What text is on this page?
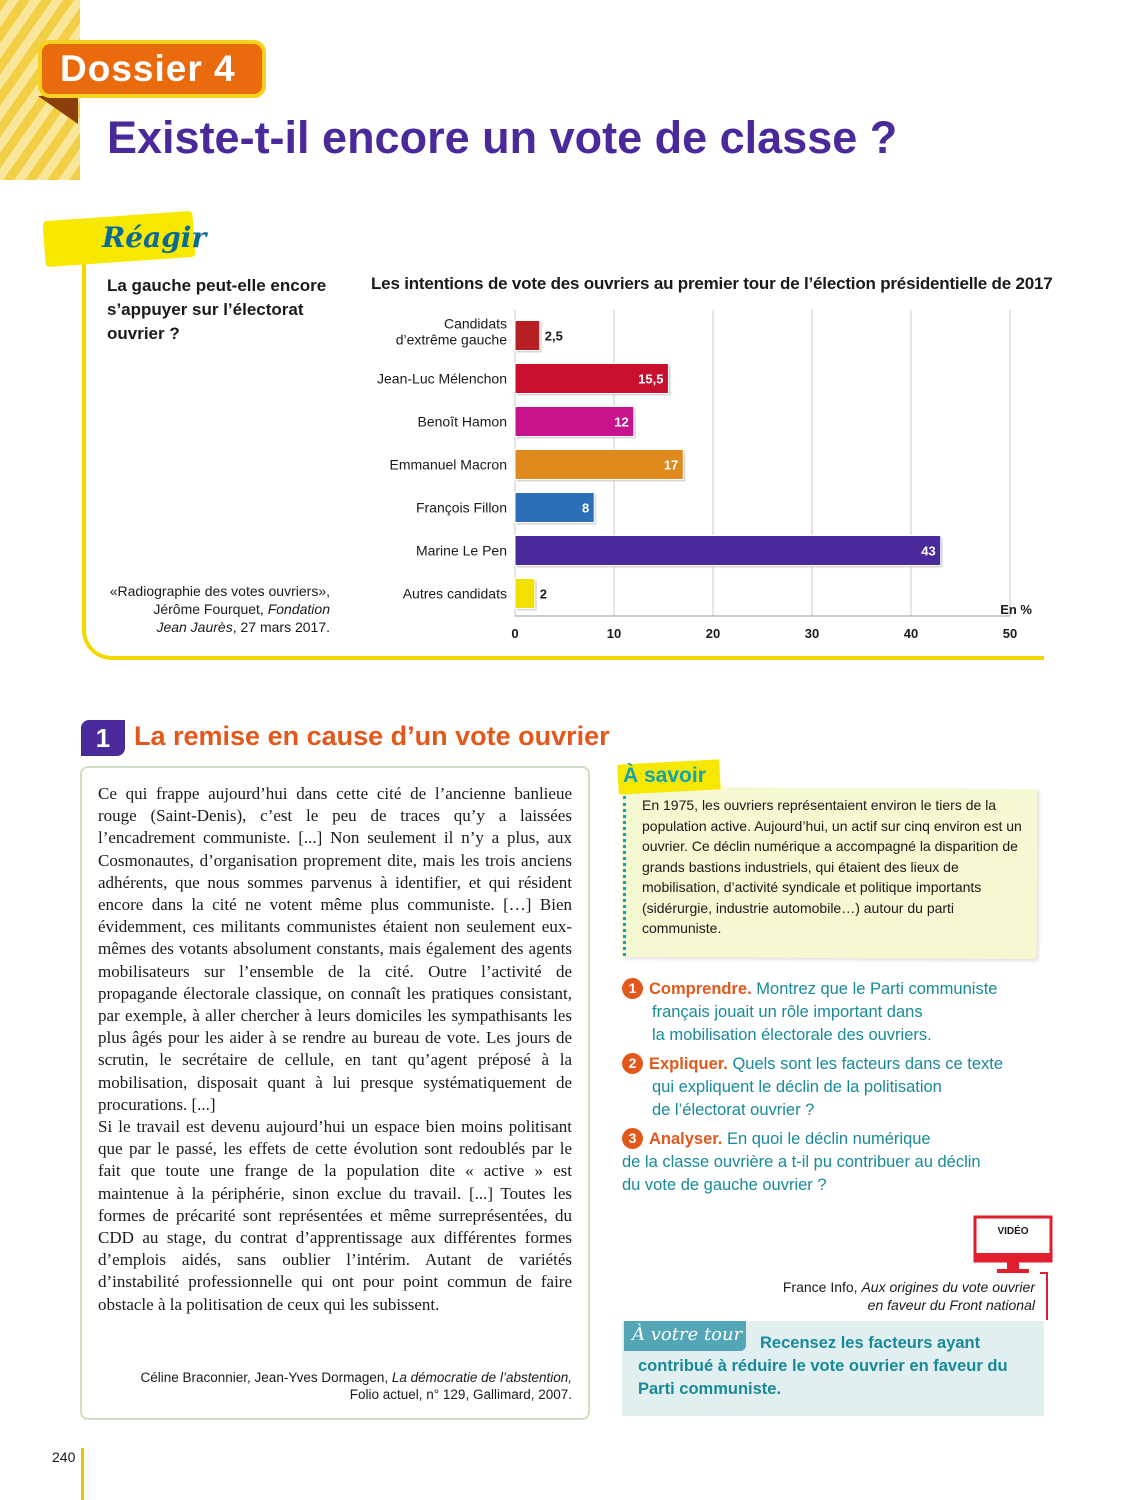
Dossier 4
Existe-t-il encore un vote de classe ?
Réagir
La gauche peut-elle encore s’appuyer sur l’électorat ouvrier ?
«Radiographie des votes ouvriers»,
Jérôme Fourquet, Fondation
Jean Jaurès, 27 mars 2017.
Les intentions de vote des ouvriers au premier tour de l’élection présidentielle de 2017
0	10	20	30	40	50
En %
Candidats
d’extrême gauche	2,5
Jean-Luc Mélenchon	15,5
Benoît Hamon	12
Emmanuel Macron	17
François Fillon	8
Marine Le Pen	43
Autres candidats	2
1 La remise en cause d’un vote ouvrier

Ce qui frappe aujourd’hui dans cette cité de l’ancienne banlieue rouge (Saint-Denis), c’est le peu de traces qu’y a laissées l’encadrement communiste. [...] Non seulement il n’y a plus, aux Cosmonautes, d’organisation proprement dite, mais les trois anciens adhérents, que nous sommes parvenus à identifier, et qui résident encore dans la cité ne votent même plus communiste. […] Bien évidemment, ces militants communistes étaient non seulement eux-mêmes des votants absolument constants, mais également des agents mobilisateurs sur l’ensemble de la cité. Outre l’activité de propagande électorale classique, on connaît les pratiques consistant, par exemple, à aller chercher à leurs domiciles les sympathisants les plus âgés pour les aider à se rendre au bureau de vote. Les jours de scrutin, le secrétaire de cellule, en tant qu’agent préposé à la mobilisation, disposait quant à lui presque systématiquement de procurations. [...]

Si le travail est devenu aujourd’hui un espace bien moins politisant que par le passé, les effets de cette évolution sont redoublés par le fait que toute une frange de la population dite « active » est maintenue à la périphérie, sinon exclue du travail. [...] Toutes les formes de précarité sont représentées et même surreprésentées, du CDD au stage, du contrat d’apprentissage aux différentes formes d’emplois aidés, sans oublier l’intérim. Autant de variétés d’instabilité professionnelle qui ont pour point commun de faire obstacle à la politisation de ceux qui les subissent.

Céline Braconnier, Jean-Yves Dormagen, La démocratie de l’abstention,
Folio actuel, n° 129, Gallimard, 2007.
À savoir
En 1975, les ouvriers représentaient environ le tiers de la population active. Aujourd’hui, un actif sur cinq environ est un ouvrier. Ce déclin numérique a accompagné la disparition de grands bastions industriels, qui étaient des lieux de mobilisation, d’activité syndicale et politique importants (sidérurgie, industrie automobile…) autour du parti communiste.
1 Comprendre. Montrez que le Parti communiste
français jouait un rôle important dans
la mobilisation électorale des ouvriers.
2 Expliquer. Quels sont les facteurs dans ce texte
qui expliquent le déclin de la politisation
de l’électorat ouvrier ?
3 Analyser. En quoi le déclin numérique
de la classe ouvrière a t-il pu contribuer au déclin
du vote de gauche ouvrier ?
VIDÉO
France Info, Aux origines du vote ouvrier
en faveur du Front national
À votre tour	Recensez les facteurs ayant contribué à réduire le vote ouvrier en faveur du Parti communiste.
240
